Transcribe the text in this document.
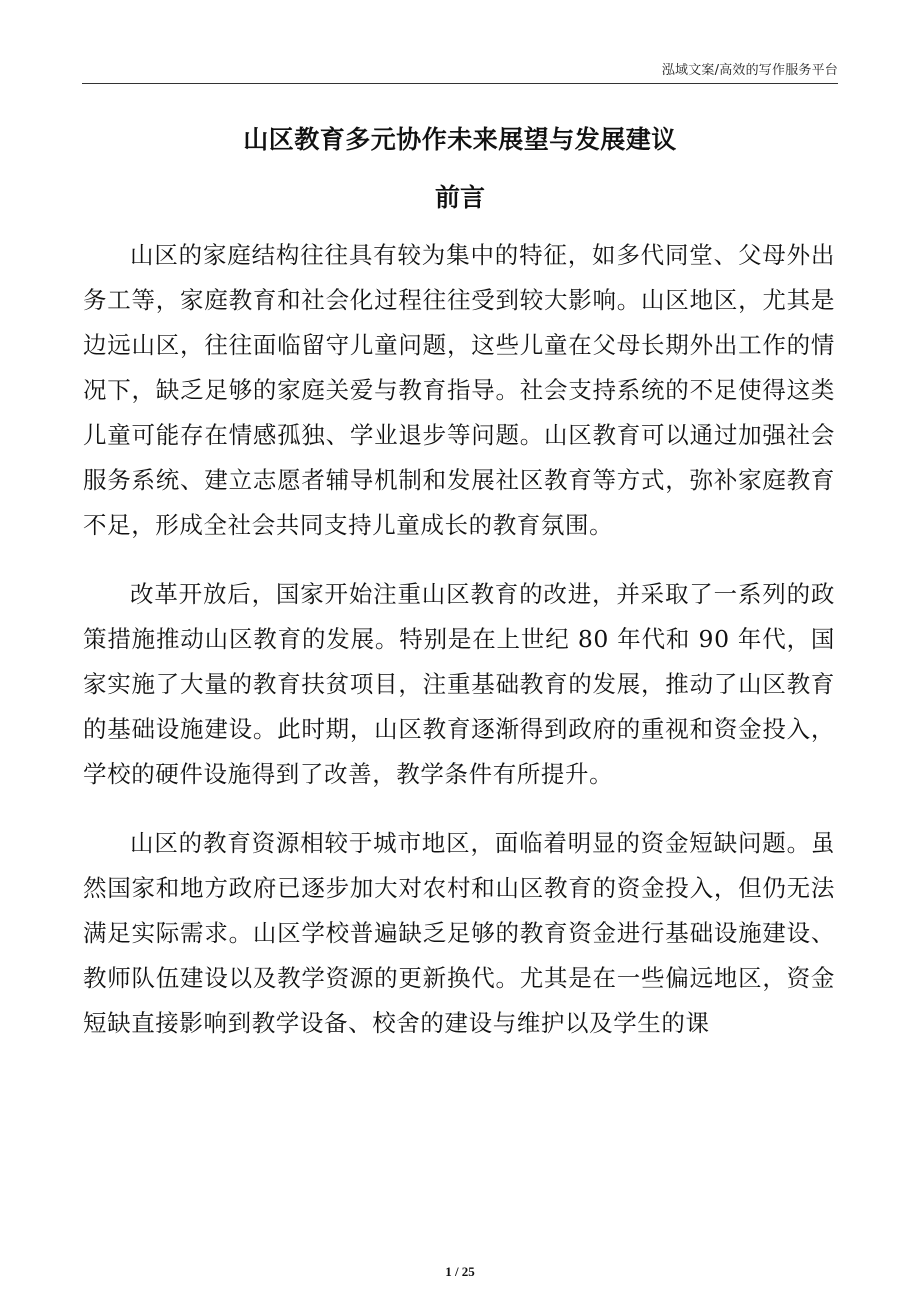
泓域文案/高效的写作服务平台
山区教育多元协作未来展望与发展建议
前言

山区的家庭结构往往具有较为集中的特征，如多代同堂、父母外出务工等，家庭教育和社会化过程往往受到较大影响。山区地区，尤其是边远山区，往往面临留守儿童问题，这些儿童在父母长期外出工作的情况下，缺乏足够的家庭关爱与教育指导。社会支持系统的不足使得这类儿童可能存在情感孤独、学业退步等问题。山区教育可以通过加强社会服务系统、建立志愿者辅导机制和发展社区教育等方式，弥补家庭教育不足，形成全社会共同支持儿童成长的教育氛围。

改革开放后，国家开始注重山区教育的改进，并采取了一系列的政策措施推动山区教育的发展。特别是在上世纪 80 年代和 90 年代，国家实施了大量的教育扶贫项目，注重基础教育的发展，推动了山区教育的基础设施建设。此时期，山区教育逐渐得到政府的重视和资金投入，学校的硬件设施得到了改善，教学条件有所提升。

山区的教育资源相较于城市地区，面临着明显的资金短缺问题。虽然国家和地方政府已逐步加大对农村和山区教育的资金投入，但仍无法满足实际需求。山区学校普遍缺乏足够的教育资金进行基础设施建设、教师队伍建设以及教学资源的更新换代。尤其是在一些偏远地区，资金短缺直接影响到教学设备、校舍的建设与维护以及学生的课

1 / 25
